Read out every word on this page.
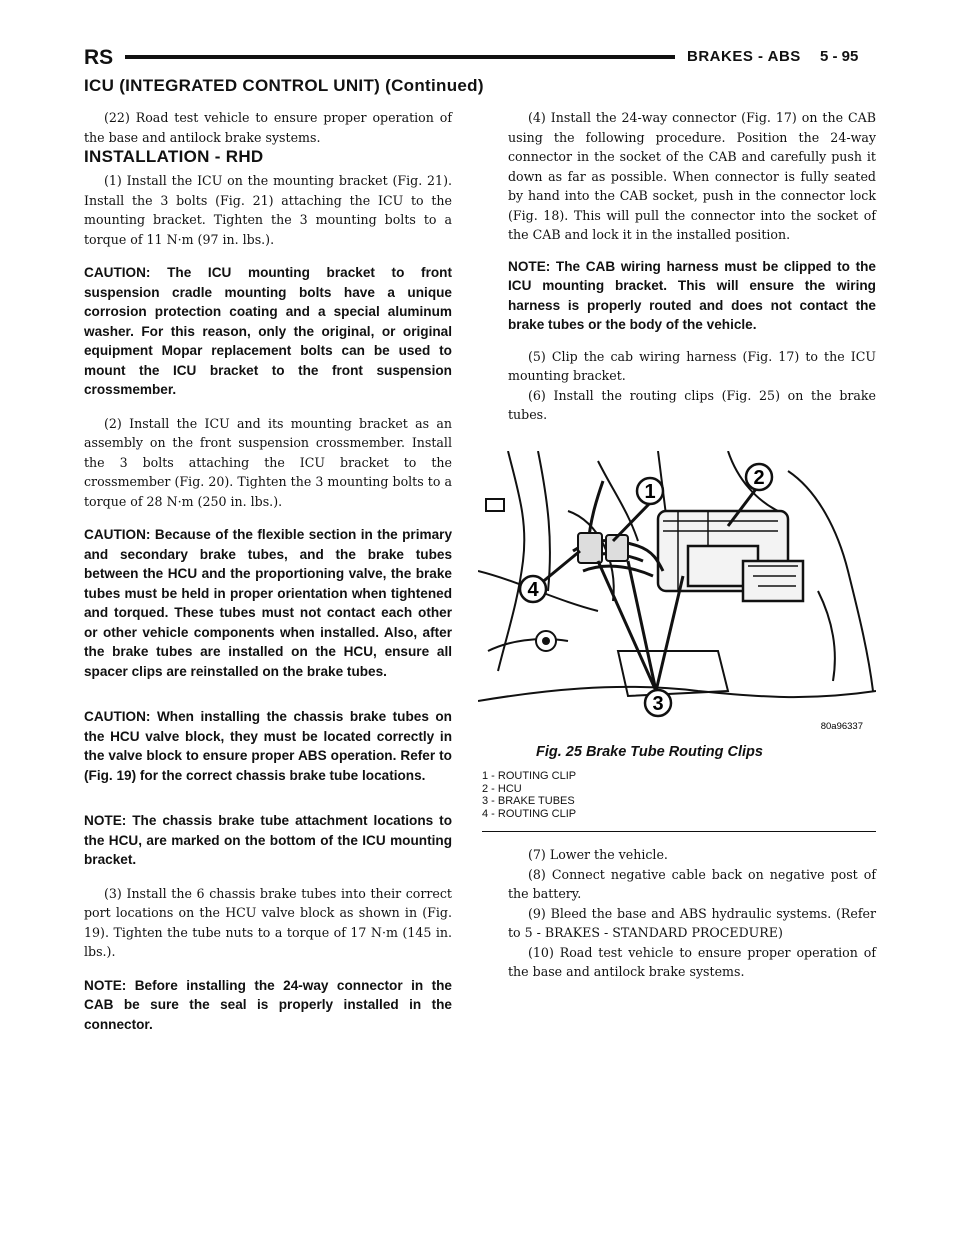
RS	BRAKES - ABS 5 - 95
ICU (INTEGRATED CONTROL UNIT) (Continued)

(22) Road test vehicle to ensure proper operation of the base and antilock brake systems.

INSTALLATION - RHD

(1) Install the ICU on the mounting bracket (Fig. 21). Install the 3 bolts (Fig. 21) attaching the ICU to the mounting bracket. Tighten the 3 mounting bolts to a torque of 11 N·m (97 in. lbs.).

CAUTION: The ICU mounting bracket to front suspension cradle mounting bolts have a unique corrosion protection coating and a special aluminum washer. For this reason, only the original, or original equipment Mopar replacement bolts can be used to mount the ICU bracket to the front suspension crossmember.

(2) Install the ICU and its mounting bracket as an assembly on the front suspension crossmember. Install the 3 bolts attaching the ICU bracket to the crossmember (Fig. 20). Tighten the 3 mounting bolts to a torque of 28 N·m (250 in. lbs.).

CAUTION: Because of the flexible section in the primary and secondary brake tubes, and the brake tubes between the HCU and the proportioning valve, the brake tubes must be held in proper orientation when tightened and torqued. These tubes must not contact each other or other vehicle components when installed. Also, after the brake tubes are installed on the HCU, ensure all spacer clips are reinstalled on the brake tubes.

CAUTION: When installing the chassis brake tubes on the HCU valve block, they must be located correctly in the valve block to ensure proper ABS operation. Refer to (Fig. 19) for the correct chassis brake tube locations.

NOTE: The chassis brake tube attachment locations to the HCU, are marked on the bottom of the ICU mounting bracket.

(3) Install the 6 chassis brake tubes into their correct port locations on the HCU valve block as shown in (Fig. 19). Tighten the tube nuts to a torque of 17 N·m (145 in. lbs.).

NOTE: Before installing the 24-way connector in the CAB be sure the seal is properly installed in the connector.

(4) Install the 24-way connector (Fig. 17) on the CAB using the following procedure. Position the 24-way connector in the socket of the CAB and carefully push it down as far as possible. When connector is fully seated by hand into the CAB socket, push in the connector lock (Fig. 18). This will pull the connector into the socket of the CAB and lock it in the installed position.

NOTE: The CAB wiring harness must be clipped to the ICU mounting bracket. This will ensure the wiring harness is properly routed and does not contact the brake tubes or the body of the vehicle.

(5) Clip the cab wiring harness (Fig. 17) to the ICU mounting bracket.

(6) Install the routing clips (Fig. 25) on the brake tubes.

1
2
3
4
80a96337
Fig. 25 Brake Tube Routing Clips
1 - ROUTING CLIP
2 - HCU
3 - BRAKE TUBES
4 - ROUTING CLIP

(7) Lower the vehicle.

(8) Connect negative cable back on negative post of the battery.

(9) Bleed the base and ABS hydraulic systems. (Refer to 5 - BRAKES - STANDARD PROCEDURE)

(10) Road test vehicle to ensure proper operation of the base and antilock brake systems.
